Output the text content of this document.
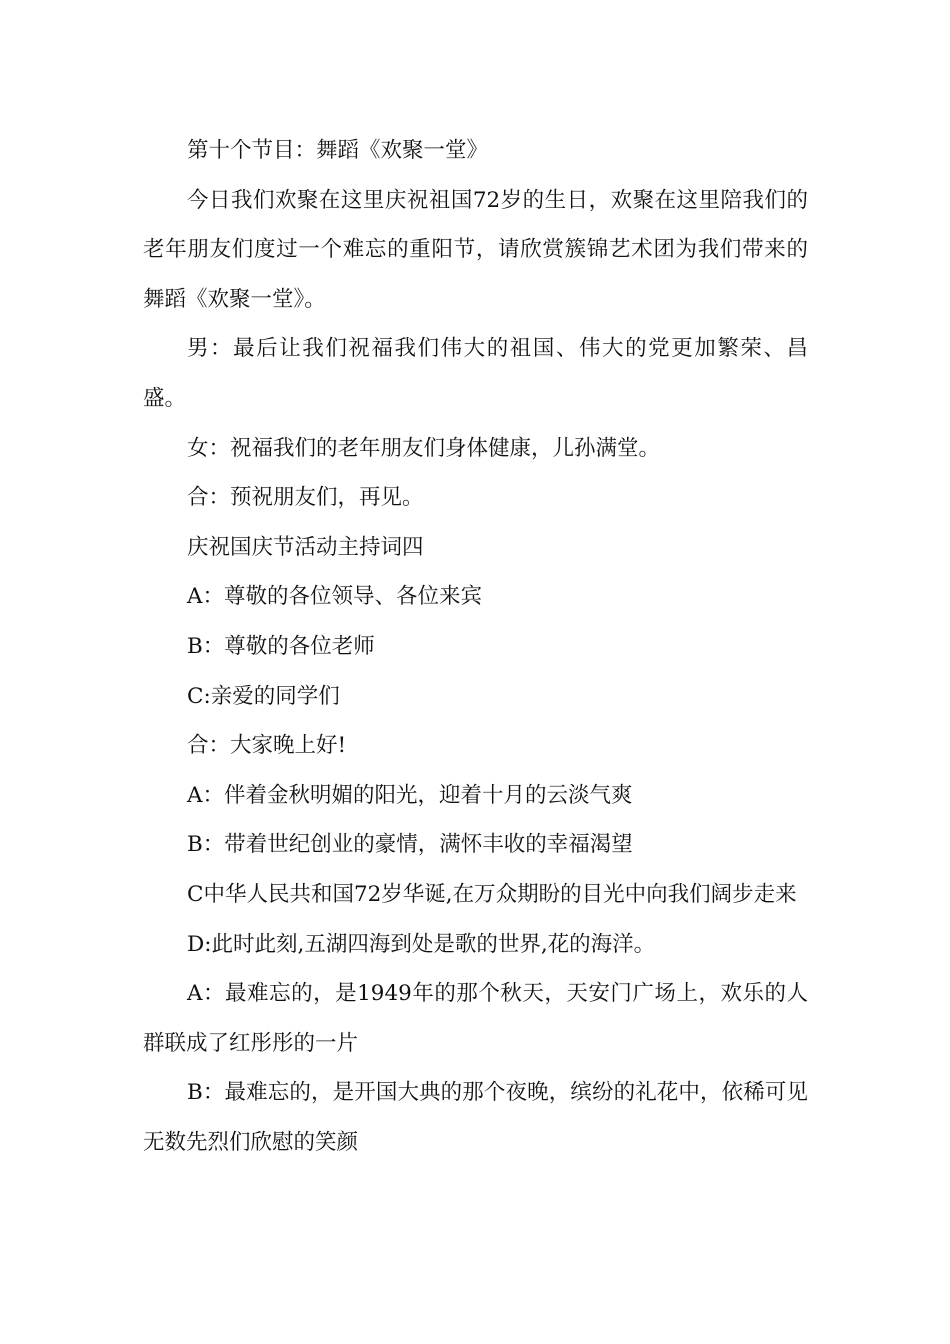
第十个节目：舞蹈《欢聚一堂》

今日我们欢聚在这里庆祝祖国72岁的生日，欢聚在这里陪我们的老年朋友们度过一个难忘的重阳节，请欣赏簇锦艺术团为我们带来的舞蹈《欢聚一堂》。

男：最后让我们祝福我们伟大的祖国、伟大的党更加繁荣、昌盛。

女：祝福我们的老年朋友们身体健康，儿孙满堂。

合：预祝朋友们，再见。

庆祝国庆节活动主持词四

A：尊敬的各位领导、各位来宾

B：尊敬的各位老师

C:亲爱的同学们

合：大家晚上好!

A：伴着金秋明媚的阳光，迎着十月的云淡气爽

B：带着世纪创业的豪情，满怀丰收的幸福渴望

C中华人民共和国72岁华诞,在万众期盼的目光中向我们阔步走来

D:此时此刻,五湖四海到处是歌的世界,花的海洋。

A：最难忘的，是1949年的那个秋天，天安门广场上，欢乐的人群联成了红彤彤的一片

B：最难忘的，是开国大典的那个夜晚，缤纷的礼花中，依稀可见无数先烈们欣慰的笑颜
